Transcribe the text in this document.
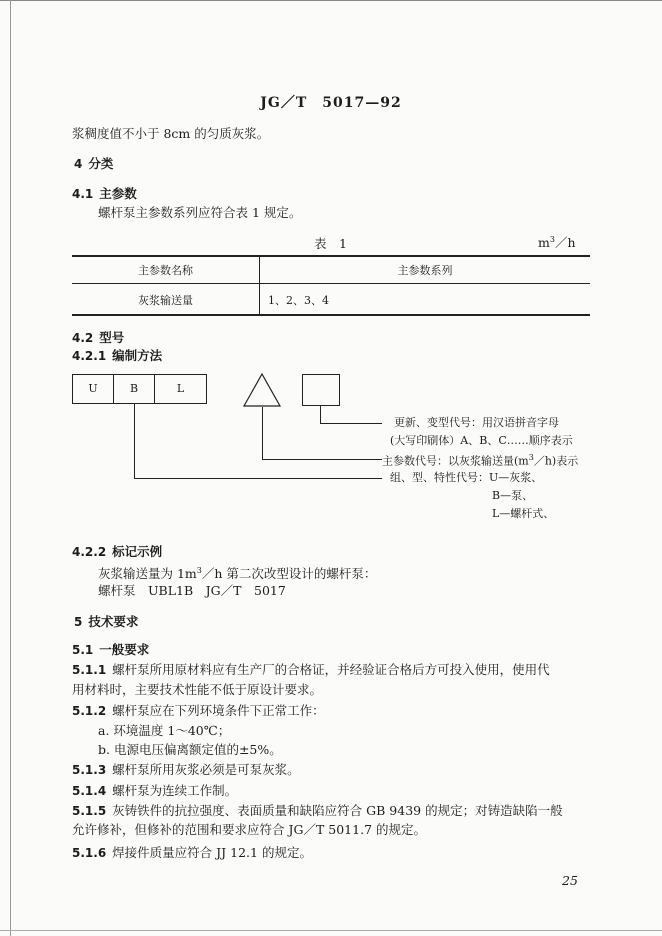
JG／T　5017—92
浆稠度值不小于 8cm 的匀质灰浆。
4 分类
4.1 主参数
螺杆泵主参数系列应符合表 1 规定。
表　1	$m^3/h$
主参数名称	主参数系列
灰浆输送量	1、2、3、4
4.2 型号
4.2.1 编制方法
U	B	L
更新、变型代号：用汉语拼音字母
(大写印刷体）A、B、C……顺序表示
主参数代号：以灰浆输送量$(m^3/h)$表示
组、型、特性代号：U—灰浆、
B—泵、
L—螺杆式、
4.2.2 标记示例
灰浆输送量为 $1m^3/h$ 第二次改型设计的螺杆泵：
螺杆泵　UBL1B　JG／T　5017
5 技术要求
5.1 一般要求
5.1.1 螺杆泵所用原材料应有生产厂的合格证，并经验证合格后方可投入使用，使用代
用材料时，主要技术性能不低于原设计要求。
5.1.2 螺杆泵应在下列环境条件下正常工作：
a. 环境温度 1～40℃；
b. 电源电压偏离额定值的±5%。
5.1.3 螺杆泵所用灰浆必须是可泵灰浆。
5.1.4 螺杆泵为连续工作制。
5.1.5 灰铸铁件的抗拉强度、表面质量和缺陷应符合 GB 9439 的规定；对铸造缺陷一般
允许修补，但修补的范围和要求应符合 JG／T 5011.7 的规定。
5.1.6 焊接件质量应符合 JJ 12.1 的规定。
25
